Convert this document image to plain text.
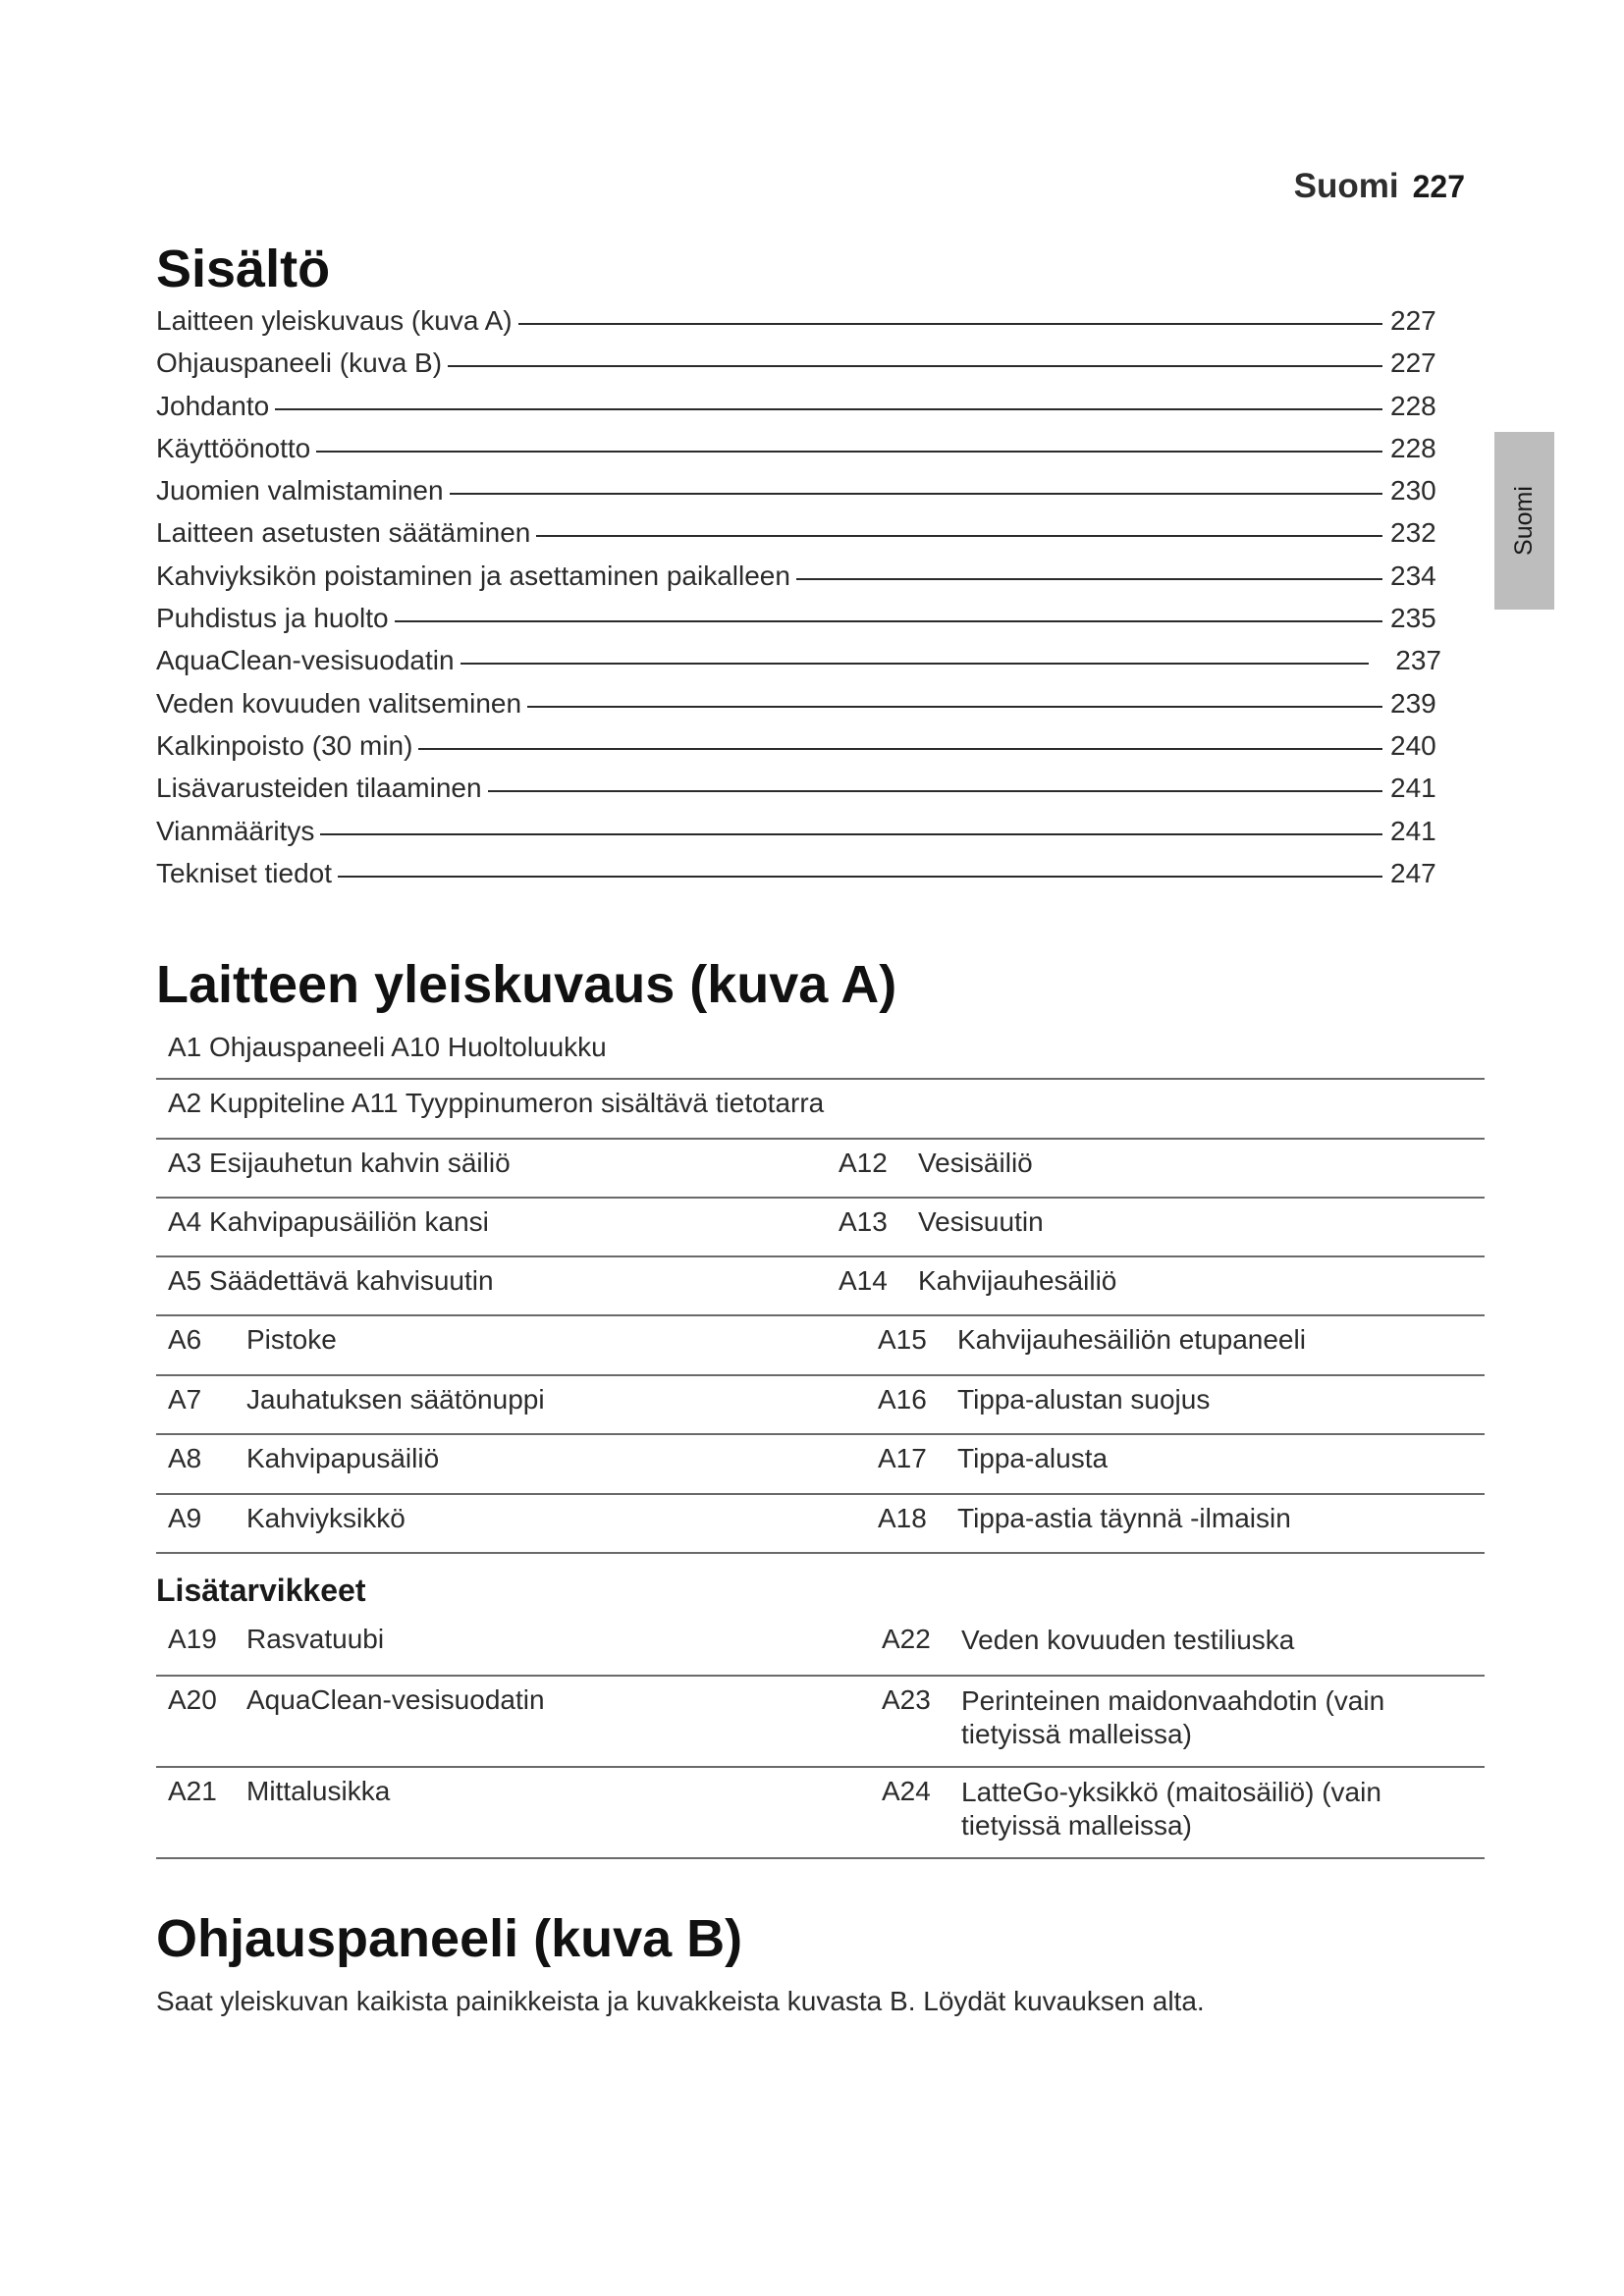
Suomi 227
Suomi
Sisältö
Laitteen yleiskuvaus (kuva A)	227
Ohjauspaneeli (kuva B)	227
Johdanto	228
Käyttöönotto	228
Juomien valmistaminen	230
Laitteen asetusten säätäminen	232
Kahviyksikön poistaminen ja asettaminen paikalleen	234
Puhdistus ja huolto	235
AquaClean-vesisuodatin	237
Veden kovuuden valitseminen	239
Kalkinpoisto (30 min)	240
Lisävarusteiden tilaaminen	241
Vianmääritys	241
Tekniset tiedot	247
Laitteen yleiskuvaus (kuva A)
A1 Ohjauspaneeli A10 Huoltoluukku
A2 Kuppiteline A11 Tyyppinumeron sisältävä tietotarra
A3 Esijauhetun kahvin säiliö	A12 Vesisäiliö
A4 Kahvipapusäiliön kansi	A13 Vesisuutin
A5 Säädettävä kahvisuutin	A14 Kahvijauhesäiliö
A6 Pistoke	A15 Kahvijauhesäiliön etupaneeli
A7 Jauhatuksen säätönuppi	A16 Tippa-alustan suojus
A8 Kahvipapusäiliö	A17 Tippa-alusta
A9 Kahviyksikkö	A18 Tippa-astia täynnä -ilmaisin
Lisätarvikkeet
A19 Rasvatuubi	A22 Veden kovuuden testiliuska
A20 AquaClean-vesisuodatin	A23 Perinteinen maidonvaahdotin (vain tietyissä malleissa)
A21 Mittalusikka	A24 LatteGo-yksikkö (maitosäiliö) (vain tietyissä malleissa)
Ohjauspaneeli (kuva B)
Saat yleiskuvan kaikista painikkeista ja kuvakkeista kuvasta B. Löydät kuvauksen alta.
